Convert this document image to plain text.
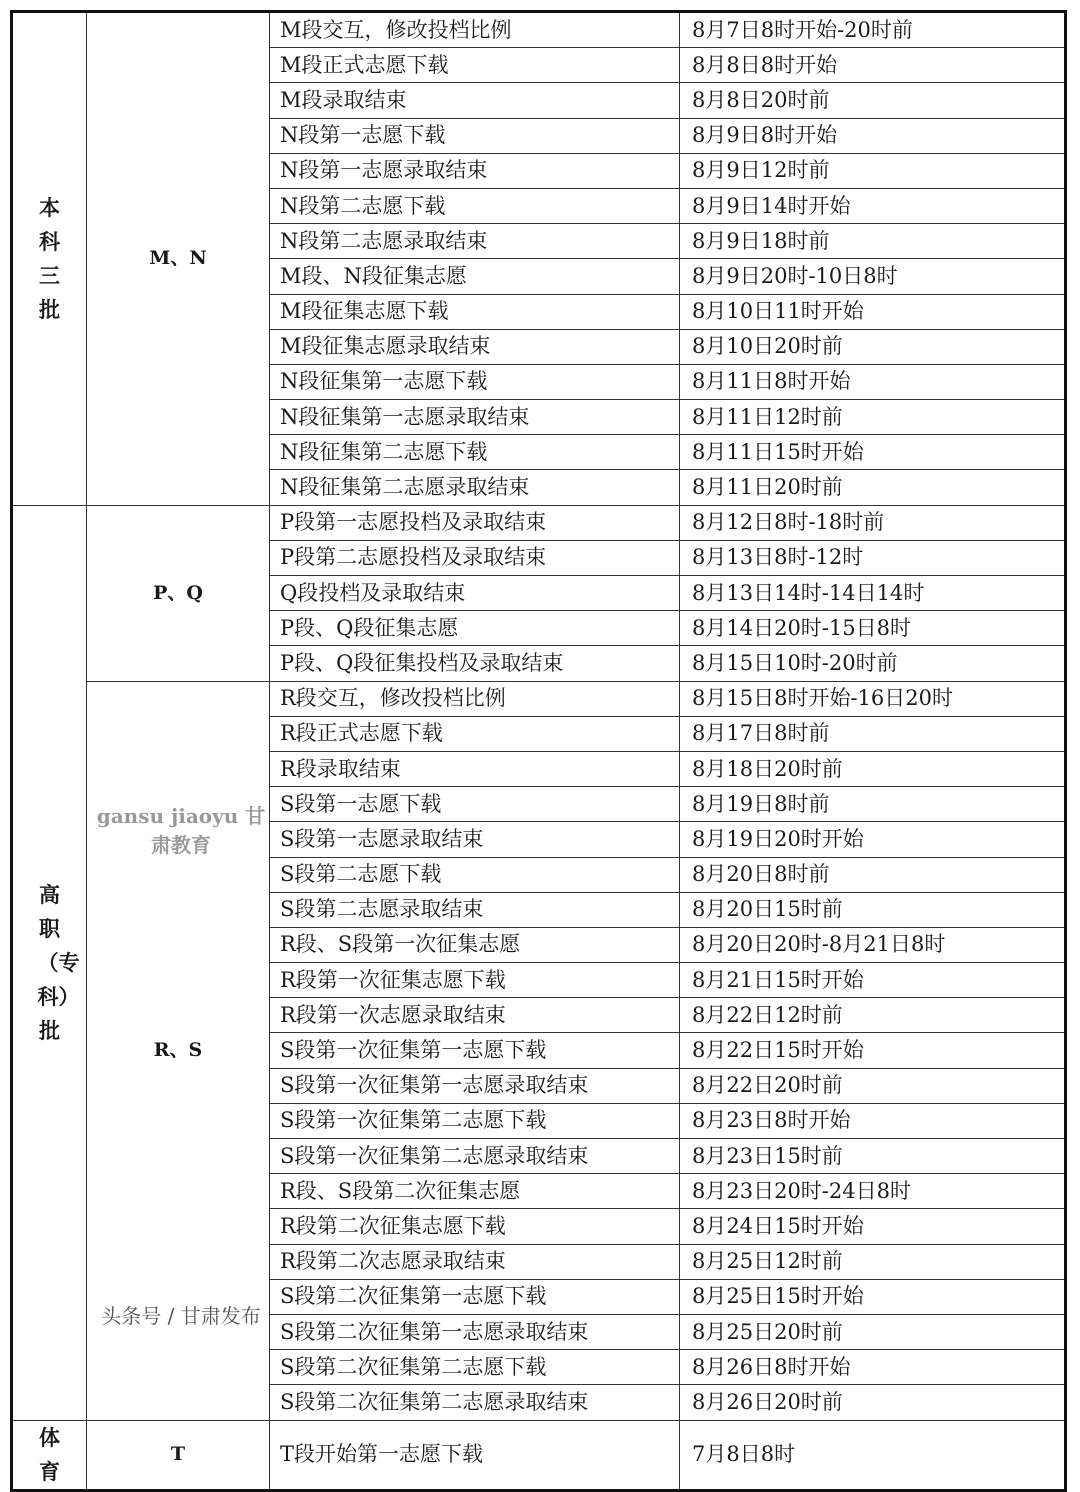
本科三批	M、N	M段交互，修改投档比例	8月7日8时开始-20时前
		M段正式志愿下载	8月8日8时开始
		M段录取结束	8月8日20时前
		N段第一志愿下载	8月9日8时开始
		N段第一志愿录取结束	8月9日12时前
		N段第二志愿下载	8月9日14时开始
		N段第二志愿录取结束	8月9日18时前
		M段、N段征集志愿	8月9日20时-10日8时
		M段征集志愿下载	8月10日11时开始
		M段征集志愿录取结束	8月10日20时前
		N段征集第一志愿下载	8月11日8时开始
		N段征集第一志愿录取结束	8月11日12时前
		N段征集第二志愿下载	8月11日15时开始
		N段征集第二志愿录取结束	8月11日20时前
高职（专科）批	P、Q	P段第一志愿投档及录取结束	8月12日8时-18时前
		P段第二志愿投档及录取结束	8月13日8时-12时
		Q段投档及录取结束	8月13日14时-14日14时
		P段、Q段征集志愿	8月14日20时-15日8时
		P段、Q段征集投档及录取结束	8月15日10时-20时前
	R、S	R段交互，修改投档比例	8月15日8时开始-16日20时
		R段正式志愿下载	8月17日8时前
		R段录取结束	8月18日20时前
		S段第一志愿下载	8月19日8时前
		S段第一志愿录取结束	8月19日20时开始
		S段第二志愿下载	8月20日8时前
		S段第二志愿录取结束	8月20日15时前
		R段、S段第一次征集志愿	8月20日20时-8月21日8时
		R段第一次征集志愿下载	8月21日15时开始
		R段第一次志愿录取结束	8月22日12时前
		S段第一次征集第一志愿下载	8月22日15时开始
		S段第一次征集第一志愿录取结束	8月22日20时前
		S段第一次征集第二志愿下载	8月23日8时开始
		S段第一次征集第二志愿录取结束	8月23日15时前
		R段、S段第二次征集志愿	8月23日20时-24日8时
		R段第二次征集志愿下载	8月24日15时开始
		R段第二次志愿录取结束	8月25日12时前
		S段第二次征集第一志愿下载	8月25日15时开始
		S段第二次征集第一志愿录取结束	8月25日20时前
		S段第二次征集第二志愿下载	8月26日8时开始
		S段第二次征集第二志愿录取结束	8月26日20时前
体育	T	T段开始第一志愿下载	7月8日8时
gansu jiaoyu 甘肃教育
头条号 / 甘肃发布
